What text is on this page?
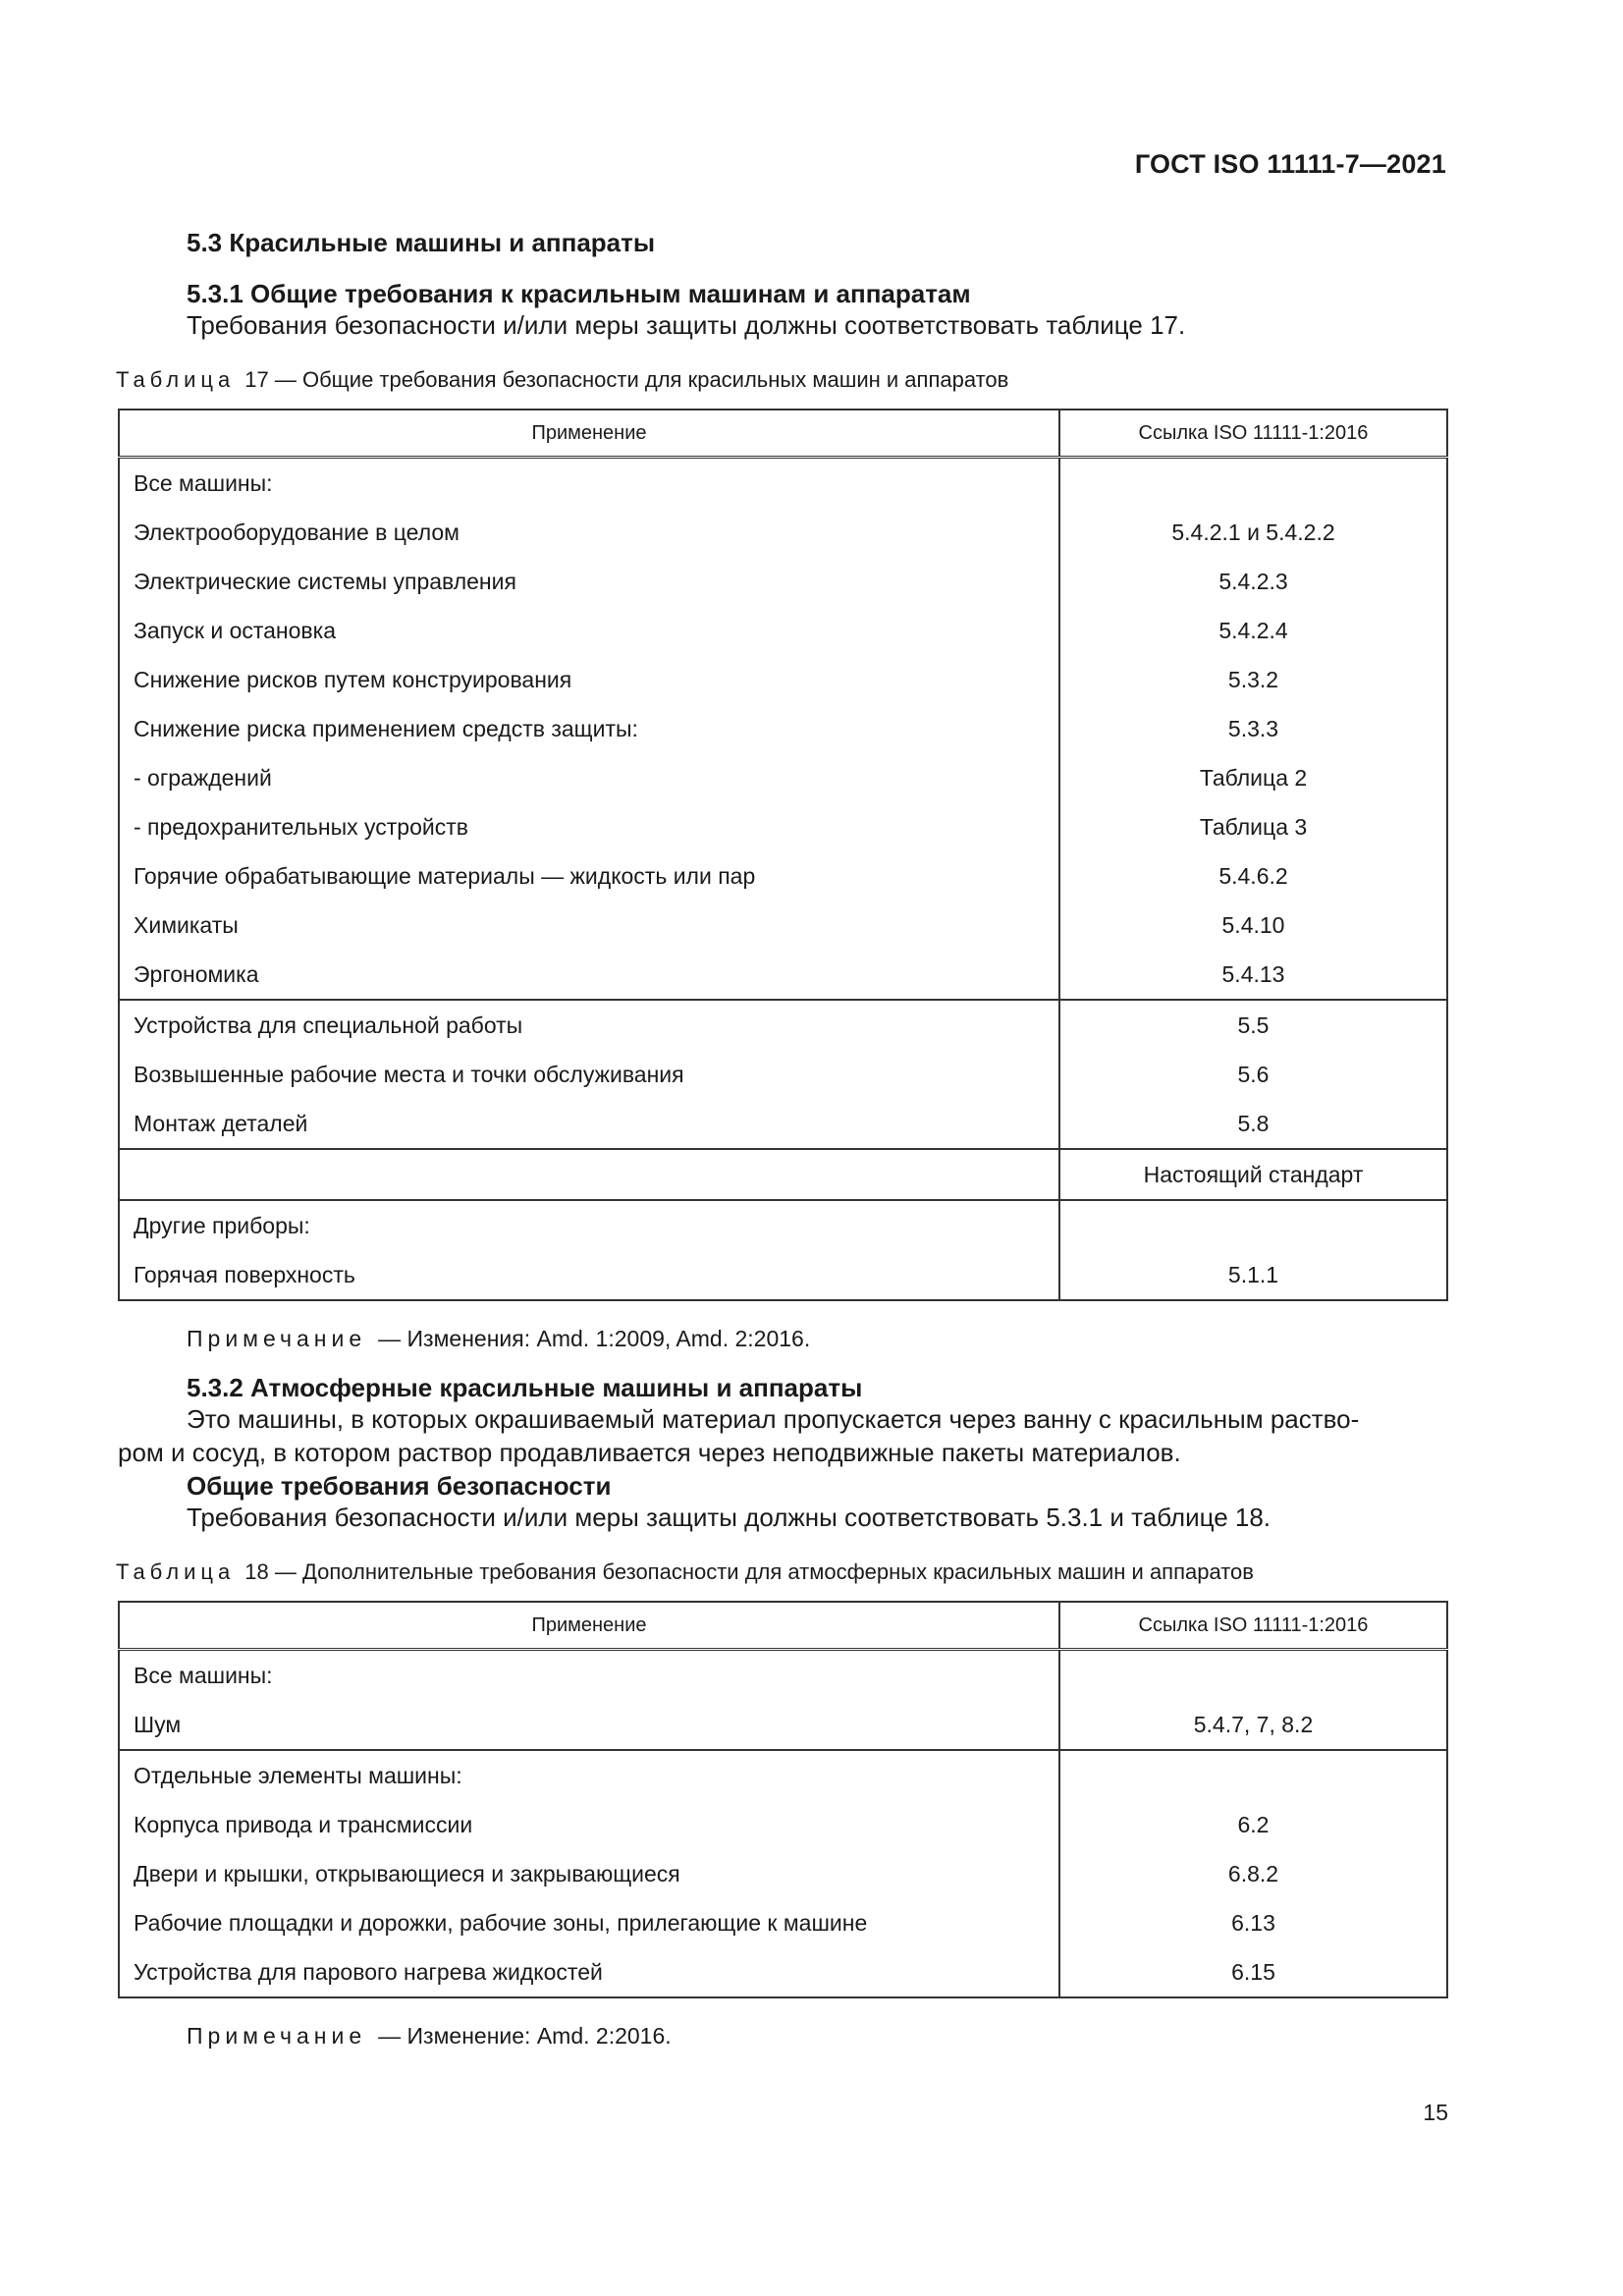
ГОСТ ISO 11111-7—2021
5.3 Красильные машины и аппараты
5.3.1 Общие требования к красильным машинам и аппаратам
Требования безопасности и/или меры защиты должны соответствовать таблице 17.
Таблица 17 — Общие требования безопасности для красильных машин и аппаратов
Применение	Ссылка ISO 11111-1:2016
Все машины:	
Электрооборудование в целом	5.4.2.1 и 5.4.2.2
Электрические системы управления	5.4.2.3
Запуск и остановка	5.4.2.4
Снижение рисков путем конструирования	5.3.2
Снижение риска применением средств защиты:	5.3.3
- ограждений	Таблица 2
- предохранительных устройств	Таблица 3
Горячие обрабатывающие материалы — жидкость или пар	5.4.6.2
Химикаты	5.4.10
Эргономика	5.4.13
Устройства для специальной работы	5.5
Возвышенные рабочие места и точки обслуживания	5.6
Монтаж деталей	5.8
	Настоящий стандарт
Другие приборы:	
Горячая поверхность	5.1.1
Примечание — Изменения: Amd. 1:2009, Amd. 2:2016.
5.3.2 Атмосферные красильные машины и аппараты
Это машины, в которых окрашиваемый материал пропускается через ванну с красильным раство-
ром и сосуд, в котором раствор продавливается через неподвижные пакеты материалов.
Общие требования безопасности
Требования безопасности и/или меры защиты должны соответствовать 5.3.1 и таблице 18.
Таблица 18 — Дополнительные требования безопасности для атмосферных красильных машин и аппаратов
Применение	Ссылка ISO 11111-1:2016
Все машины:	
Шум	5.4.7, 7, 8.2
Отдельные элементы машины:	
Корпуса привода и трансмиссии	6.2
Двери и крышки, открывающиеся и закрывающиеся	6.8.2
Рабочие площадки и дорожки, рабочие зоны, прилегающие к машине	6.13
Устройства для парового нагрева жидкостей	6.15
Примечание — Изменение: Amd. 2:2016.
15
